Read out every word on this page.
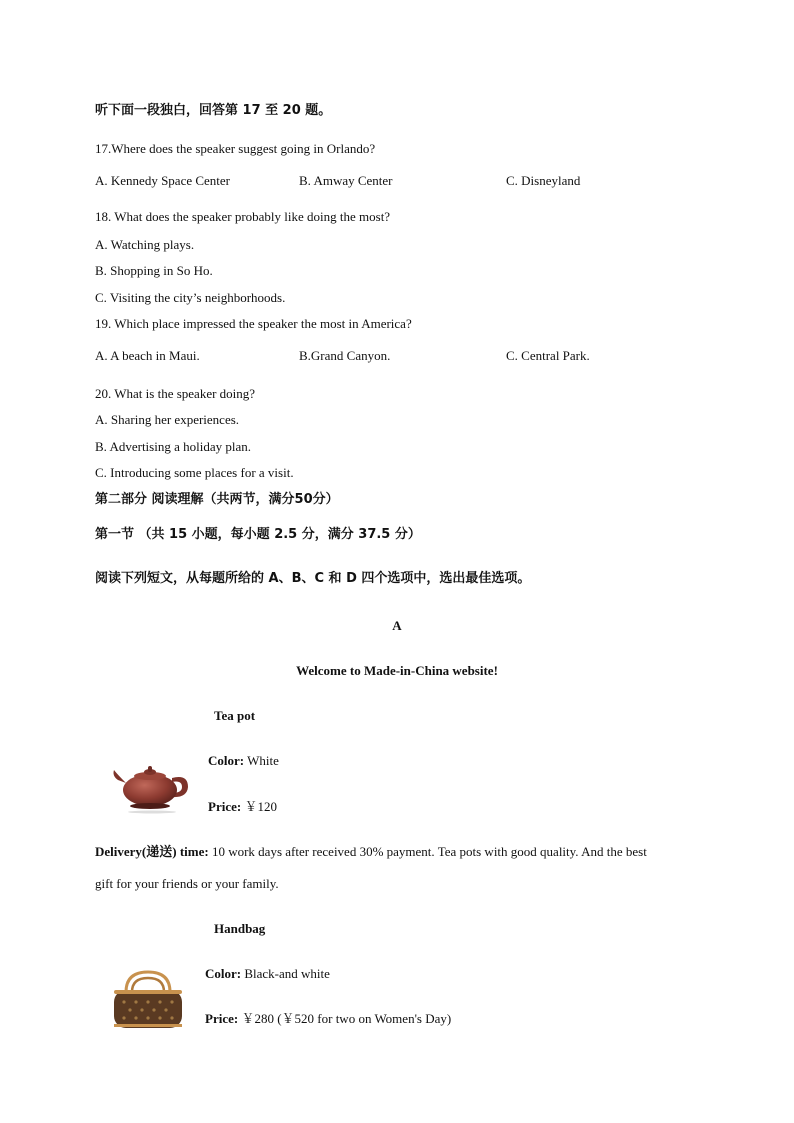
听下面一段独白，回答第 17 至 20 题。
17.Where does the speaker suggest going in Orlando?
A. Kennedy Space Center	B. Amway Center	C. Disneyland
18. What does the speaker probably like doing the most?
A. Watching plays.
B. Shopping in So Ho.
C. Visiting the city’s neighborhoods.
19. Which place impressed the speaker the most in America?
A. A beach in Maui.	B.Grand Canyon.	C. Central Park.
20. What is the speaker doing?
A. Sharing her experiences.
B. Advertising a holiday plan.
C. Introducing some places for a visit.
第二部分 阅读理解（共两节，满分50分）
第一节 （共 15 小题，每小题 2.5 分，满分 37.5 分）
阅读下列短文，从每题所给的 A、B、C 和 D 四个选项中，选出最佳选项。
A
Welcome to Made-in-China website!
Tea pot
Color: White
Price: ￥120
Delivery(递送) time: 10 work days after received 30% payment. Tea pots with good quality. And the best
gift for your friends or your family.
Handbag
Color: Black-and white
Price: ￥280 (￥520 for two on Women's Day)
